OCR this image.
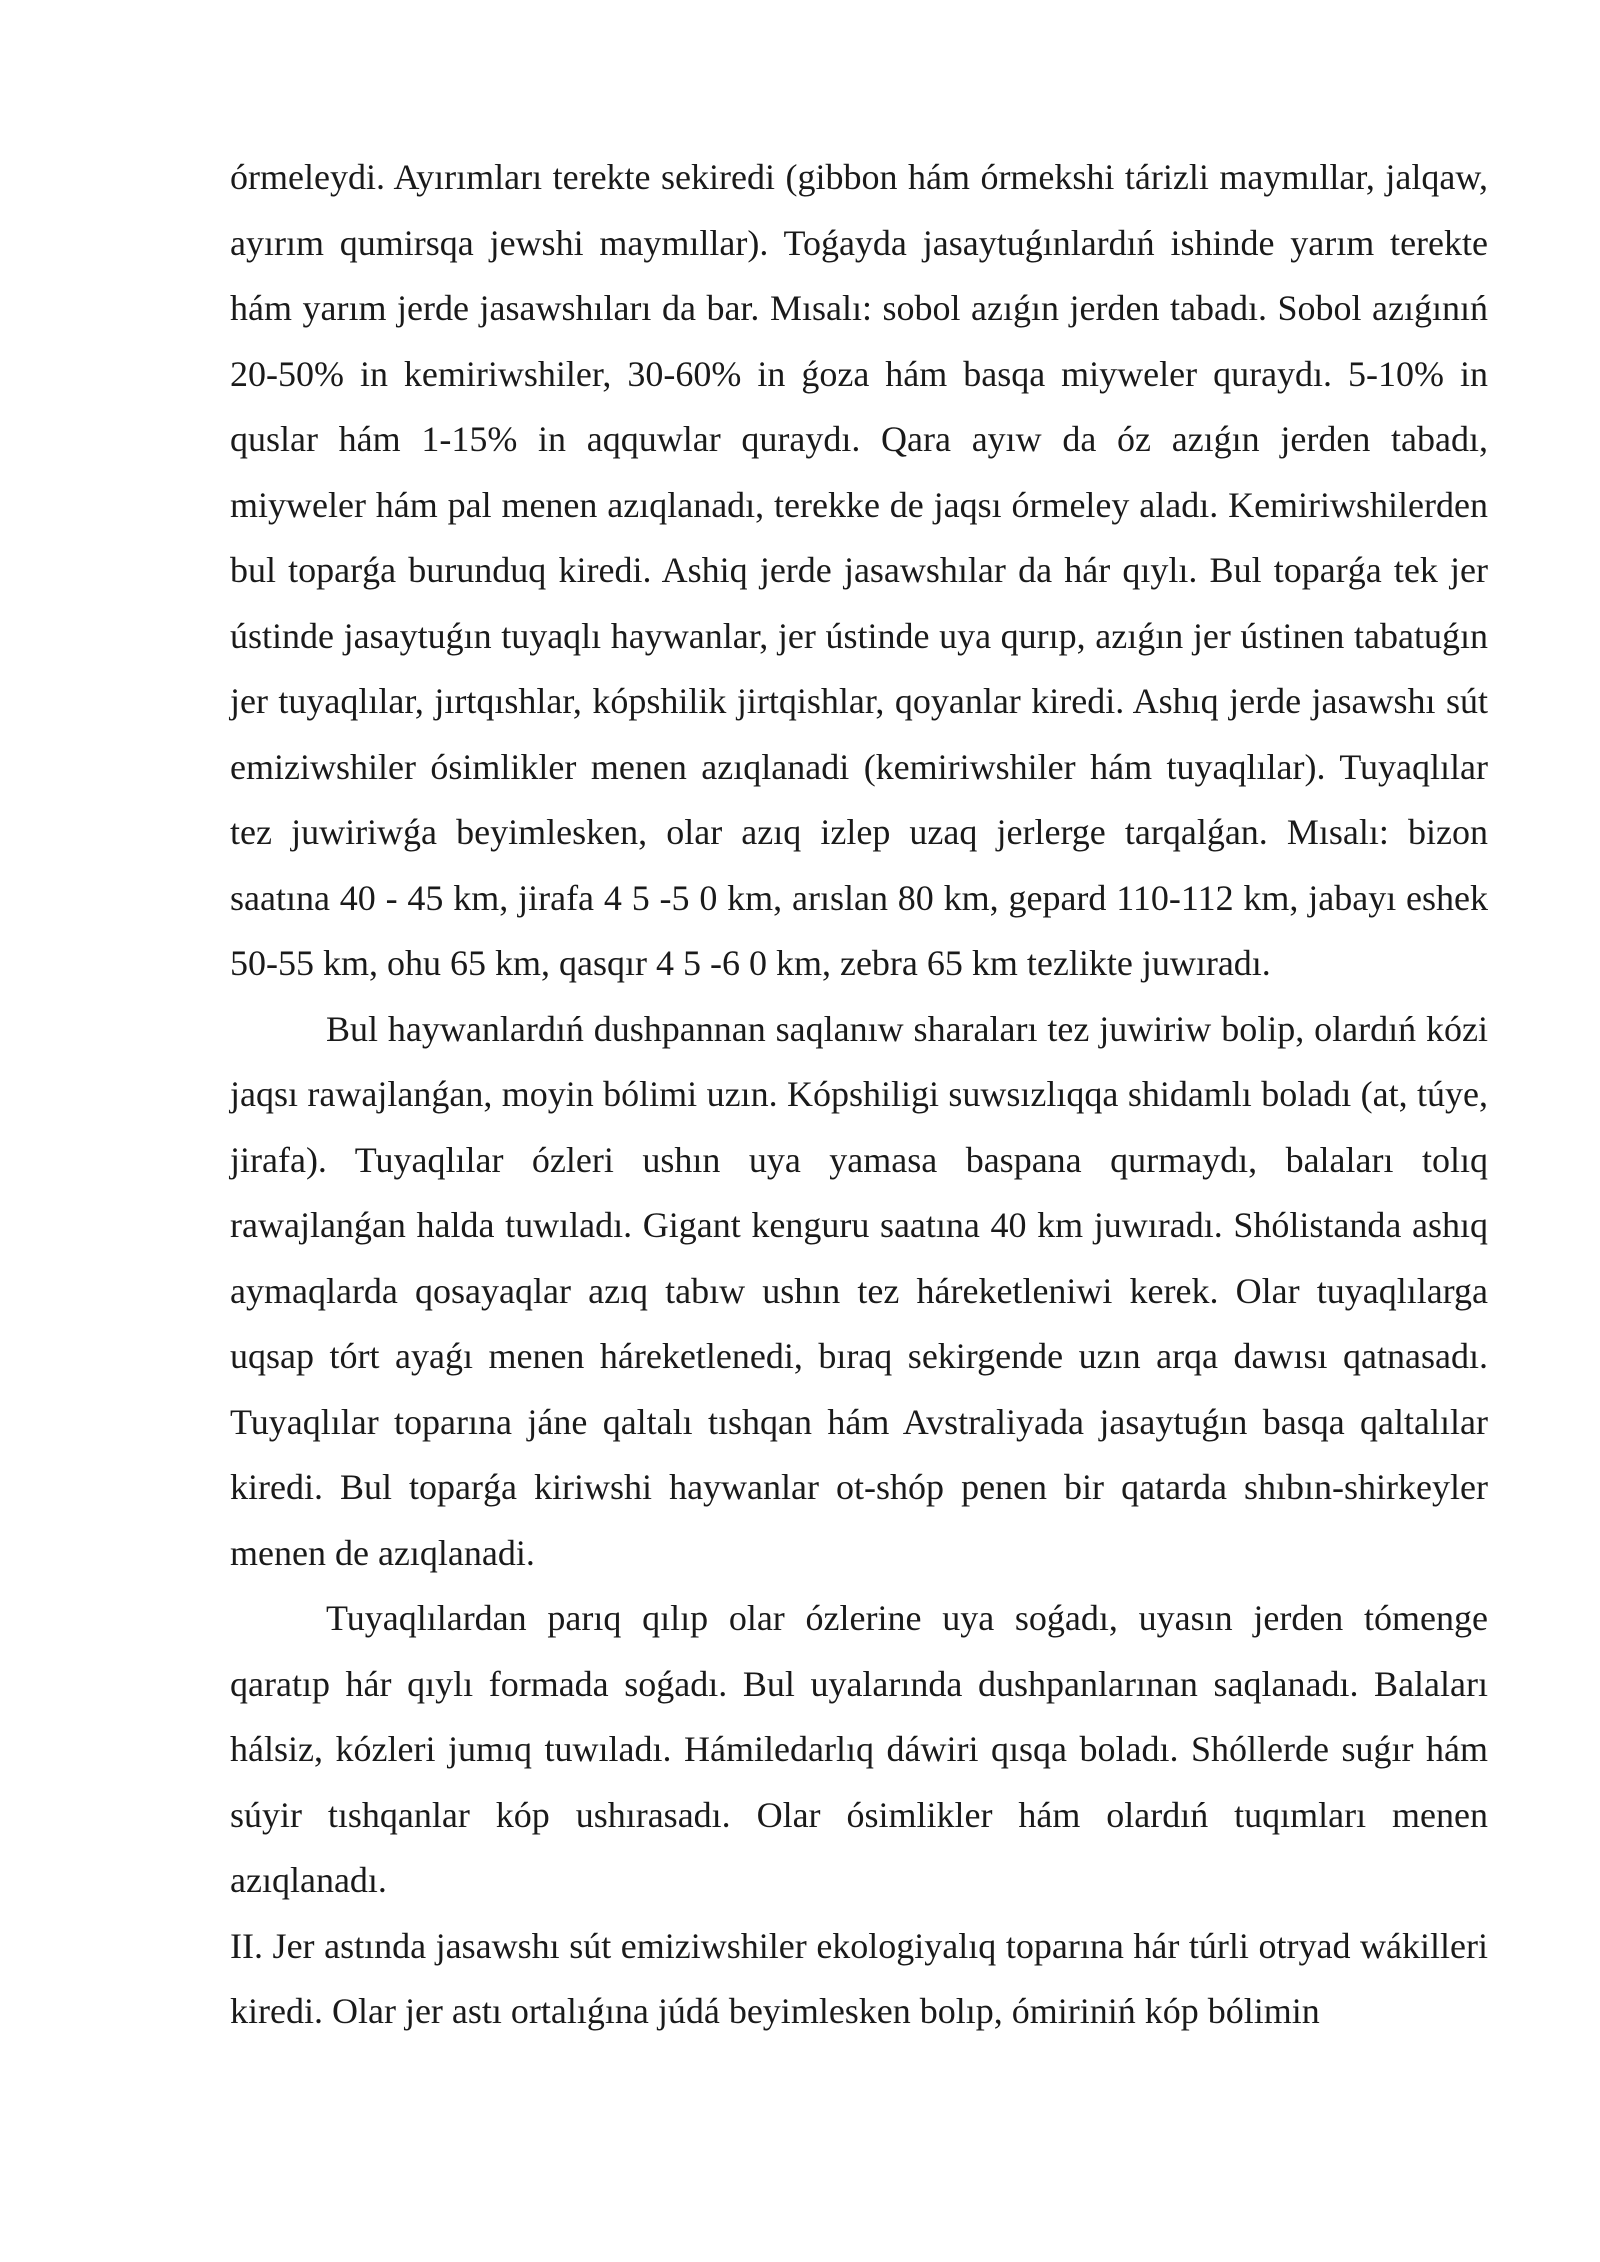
órmeleydi. Ayırımları terekte sekiredi (gibbon hám órmekshi tárizli maymıllar, jalqaw, ayırım qumirsqa jewshi maymıllar). Toǵayda jasaytuǵınlardıń ishinde yarım terekte hám yarım jerde jasawshıları da bar. Mısalı: sobol azıǵın jerden tabadı. Sobol azıǵınıń 20-50% in kemiriwshiler, 30-60% in ǵoza hám basqa miyweler quraydı. 5-10% in quslar hám 1-15% in aqquwlar quraydı. Qara ayıw da óz azıǵın jerden tabadı, miyweler hám pal menen azıqlanadı, terekke de jaqsı órmeley aladı. Kemiriwshilerden bul toparǵa burunduq kiredi. Ashiq jerde jasawshılar da hár qıylı. Bul toparǵa tek jer ústinde jasaytuǵın tuyaqlı haywanlar, jer ústinde uya qurıp, azıǵın jer ústinen tabatuǵın jer tuyaqlılar, jırtqıshlar, kópshilik jirtqishlar, qoyanlar kiredi. Ashıq jerde jasawshı sút emiziwshiler ósimlikler menen azıqlanadi (kemiriwshiler hám tuyaqlılar). Tuyaqlılar tez juwiriwǵa beyimlesken, olar azıq izlep uzaq jerlerge tarqalǵan. Mısalı: bizon saatına 40 - 45 km, jirafa 4 5 -5 0 km, arıslan 80 km, gepard 110-112 km, jabayı eshek 50-55 km, ohu 65 km, qasqır 4 5 -6 0 km, zebra 65 km tezlikte juwıradı.

Bul haywanlardıń dushpannan saqlanıw sharaları tez juwiriw bolip, olardıń kózi jaqsı rawajlanǵan, moyin bólimi uzın. Kópshiligi suwsızlıqqa shidamlı boladı (at, túye, jirafa). Tuyaqlılar ózleri ushın uya yamasa baspana qurmaydı, balaları tolıq rawajlanǵan halda tuwıladı. Gigant kenguru saatına 40 km juwıradı. Shólistanda ashıq aymaqlarda qosayaqlar azıq tabıw ushın tez háreketleniwi kerek. Olar tuyaqlılarga uqsap tórt ayaǵı menen háreketlenedi, bıraq sekirgende uzın arqa dawısı qatnasadı. Tuyaqlılar toparına jáne qaltalı tıshqan hám Avstraliyada jasaytuǵın basqa qaltalılar kiredi. Bul toparǵa kiriwshi haywanlar ot-shóp penen bir qatarda shıbın-shirkeyler menen de azıqlanadi.

Tuyaqlılardan parıq qılıp olar ózlerine uya soǵadı, uyasın jerden tómenge qaratıp hár qıylı formada soǵadı. Bul uyalarında dushpanlarınan saqlanadı. Balaları hálsiz, kózleri jumıq tuwıladı. Hámiledarlıq dáwiri qısqa boladı. Shóllerde suǵır hám súyir tıshqanlar kóp ushırasadı. Olar ósimlikler hám olardıń tuqımları menen azıqlanadı.

II. Jer astında jasawshı sút emiziwshiler ekologiyalıq toparına hár túrli otryad wákilleri kiredi. Olar jer astı ortalıǵına júdá beyimlesken bolıp, ómiriniń kóp bólimin
